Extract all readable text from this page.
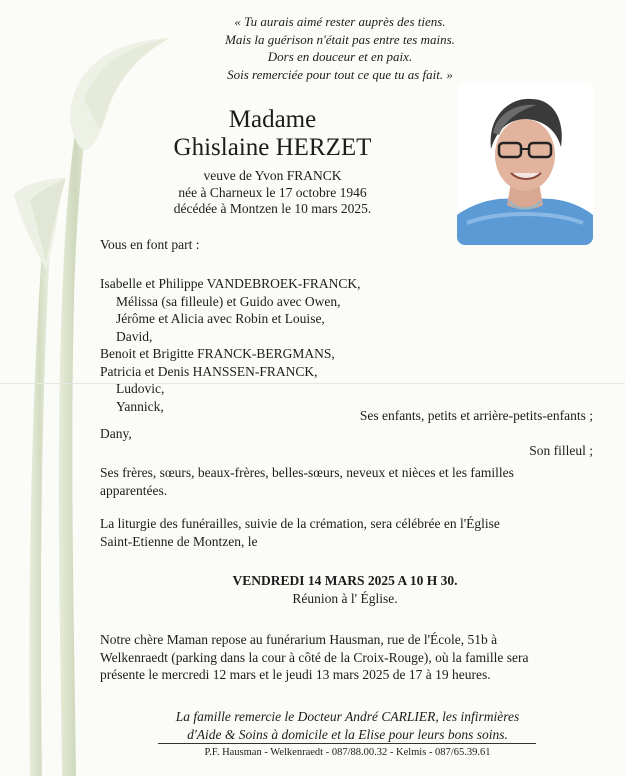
« Tu aurais aimé rester auprès des tiens.
Mais la guérison n'était pas entre tes mains.
Dors en douceur et en paix.
Sois remerciée pour tout ce que tu as fait. »
Madame
Ghislaine HERZET
veuve de Yvon FRANCK
née à Charneux le 17 octobre 1946
décédée à Montzen le 10 mars 2025.
Vous en font part :
Isabelle et Philippe VANDEBROEK-FRANCK,
Mélissa (sa filleule) et Guido avec Owen,
Jérôme et Alicia avec Robin et Louise,
David,
Benoit et Brigitte FRANCK-BERGMANS,
Patricia et Denis HANSSEN-FRANCK,
Ludovic,
Yannick,
Ses enfants, petits et arrière-petits-enfants ;
Dany,
Son filleul ;
Ses frères, sœurs, beaux-frères, belles-sœurs, neveux et nièces et les familles
apparentées.
La liturgie des funérailles, suivie de la crémation, sera célébrée en l'Église
Saint-Etienne de Montzen, le
VENDREDI 14 MARS 2025 A 10 H 30.
Réunion à l' Église.
Notre chère Maman repose au funérarium Hausman, rue de l'École, 51b à
Welkenraedt (parking dans la cour à côté de la Croix-Rouge), où la famille sera
présente le mercredi 12 mars et le jeudi 13 mars 2025 de 17 à 19 heures.
La famille remercie le Docteur André CARLIER, les infirmières
d'Aide & Soins à domicile et la Elise pour leurs bons soins.
P.F. Hausman - Welkenraedt - 087/88.00.32 - Kelmis - 087/65.39.61
